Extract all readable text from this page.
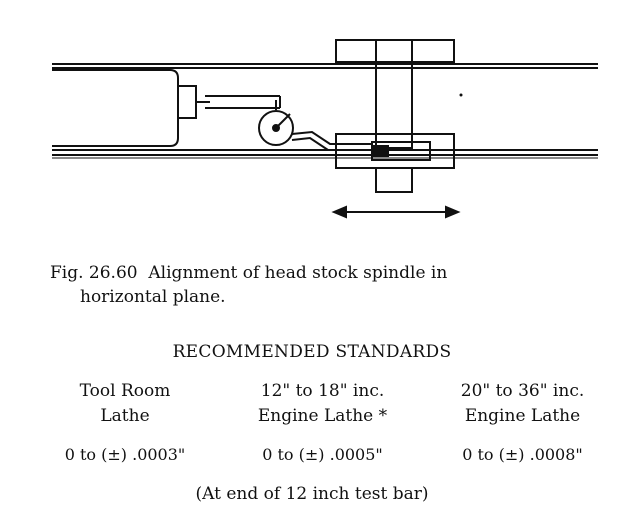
Fig. 26.60 Alignment of head stock spindle in
horizontal plane.
RECOMMENDED STANDARDS
Tool Room
Lathe
0 to (±) .0003"
12" to 18" inc.
Engine Lathe *
0 to (±) .0005"
20" to 36" inc.
Engine Lathe
0 to (±) .0008"
(At end of 12 inch test bar)
